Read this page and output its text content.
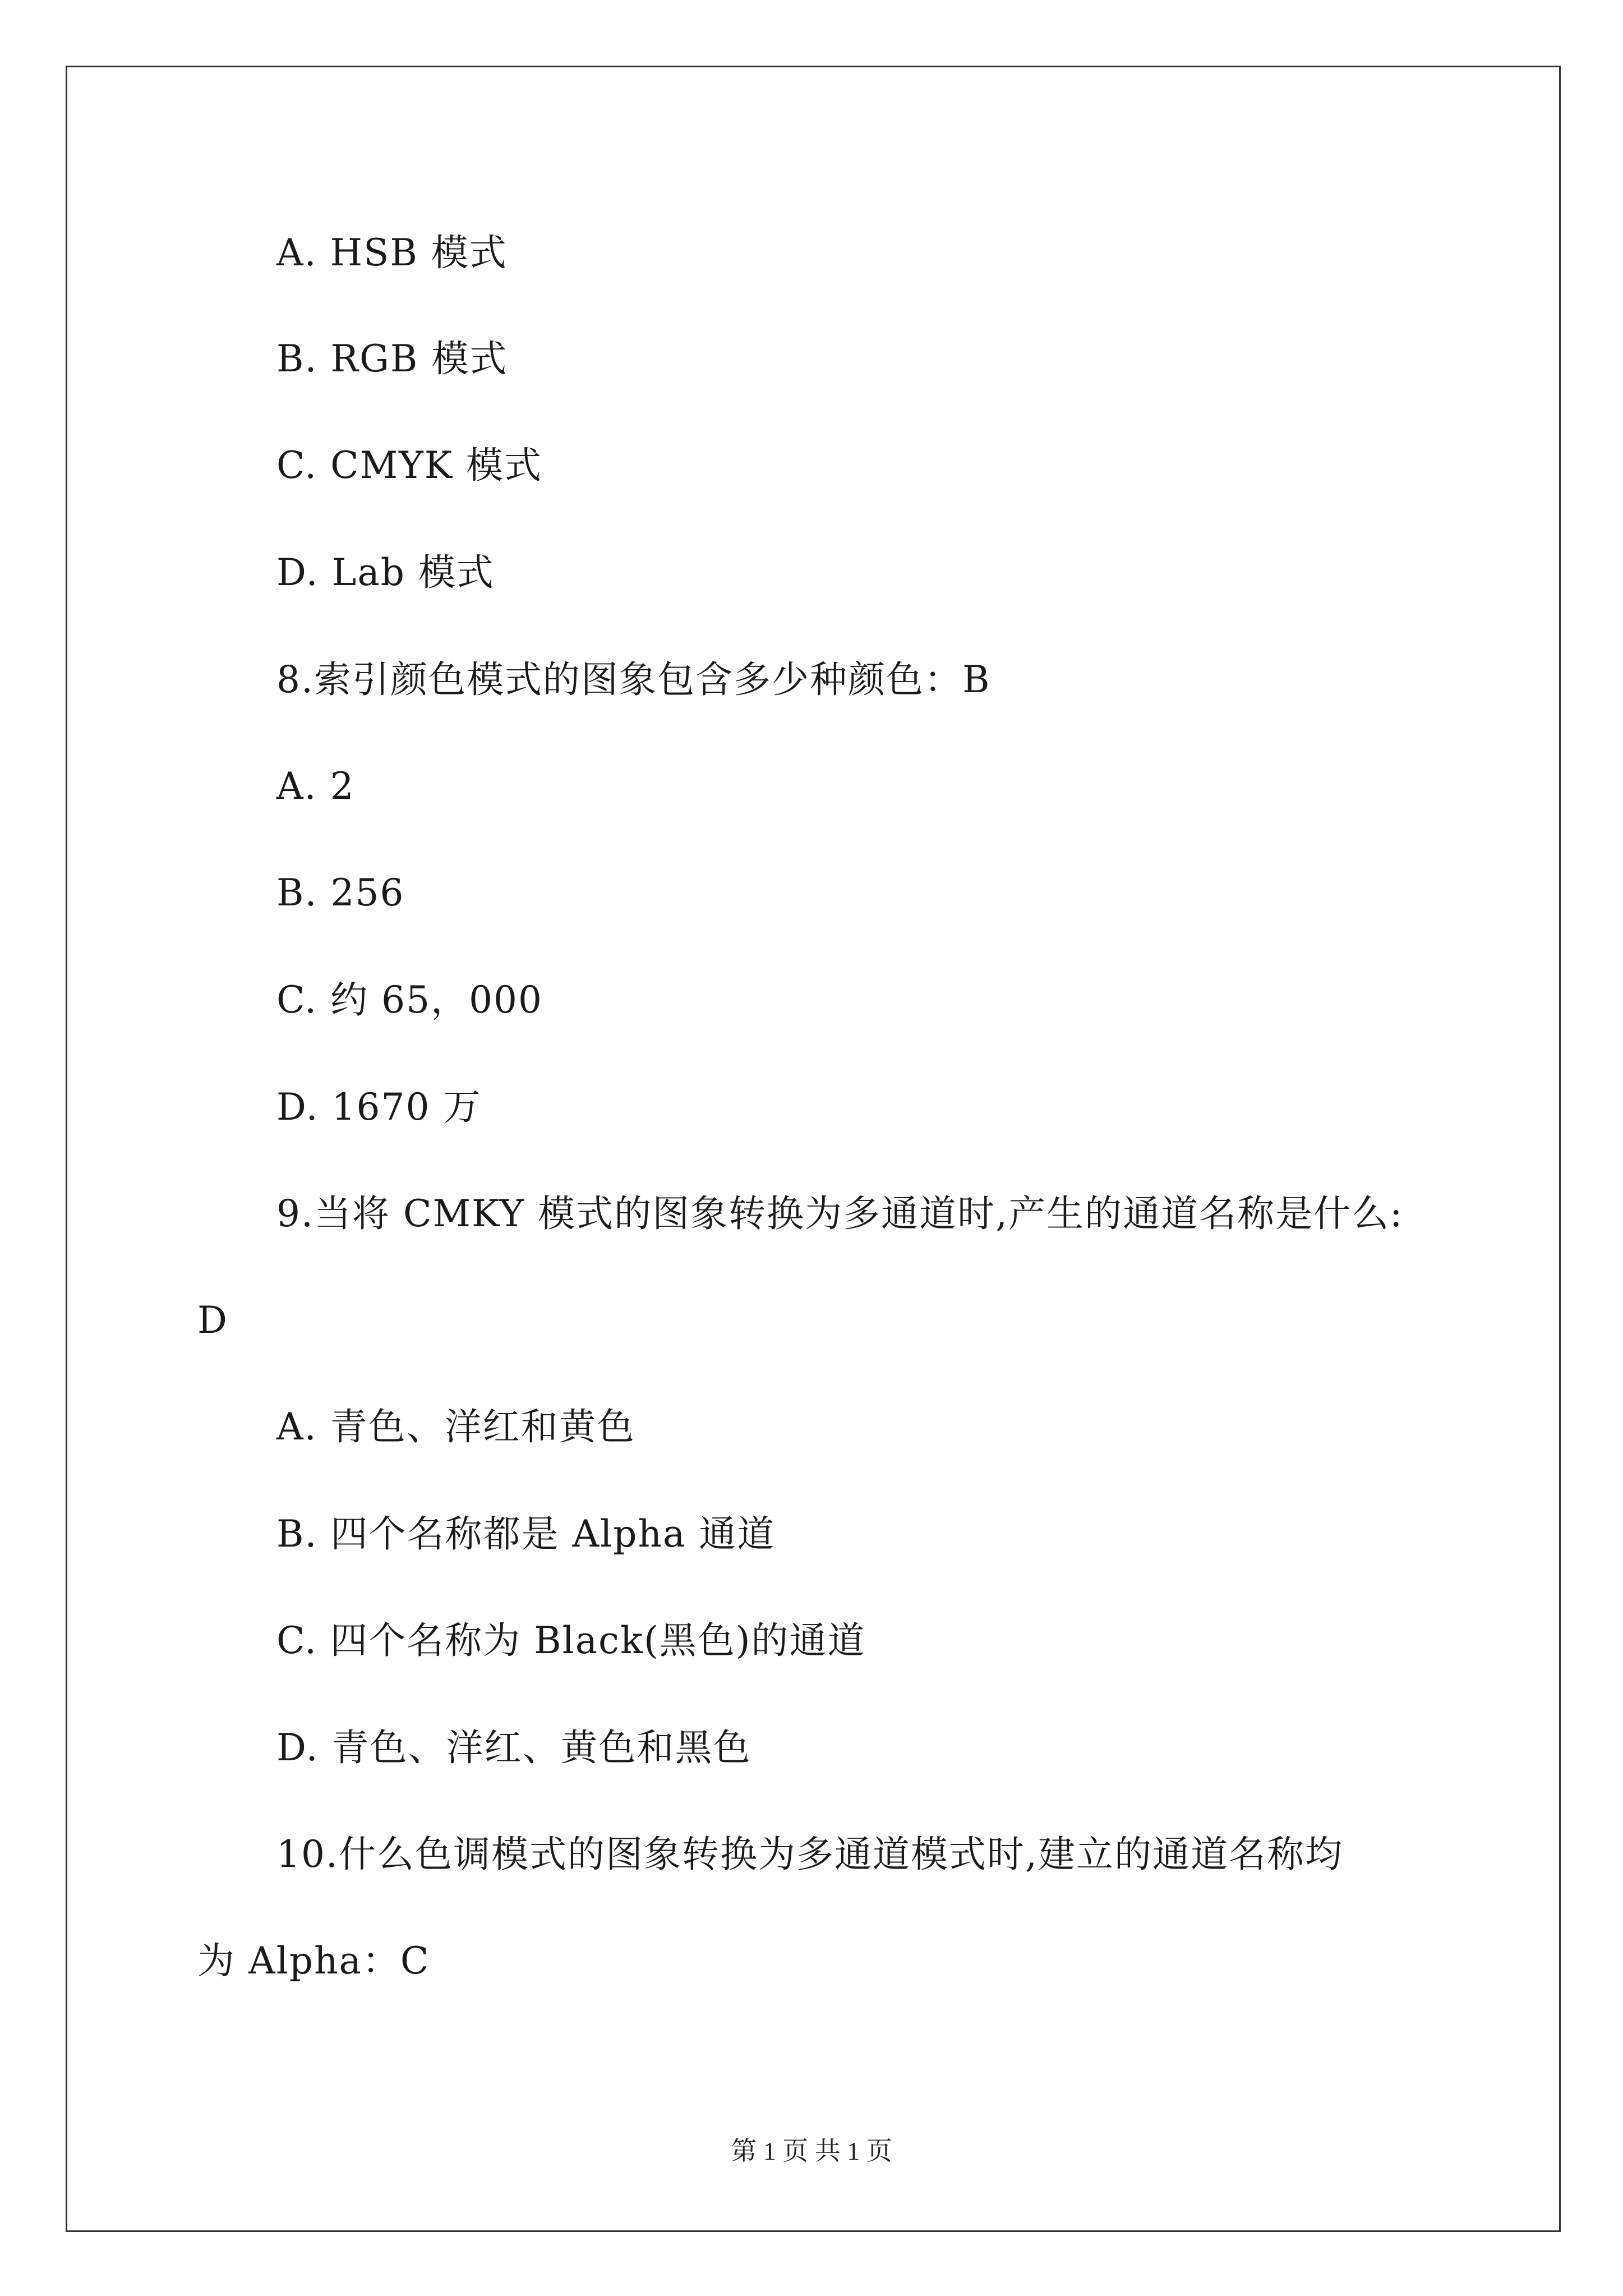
A. HSB 模式
B. RGB 模式
C. CMYK 模式
D. Lab 模式
8.索引颜色模式的图象包含多少种颜色：B
A. 2
B. 256
C. 约 65，000
D. 1670 万
9.当将 CMKY 模式的图象转换为多通道时,产生的通道名称是什么:
D
A. 青色、洋红和黄色
B. 四个名称都是 Alpha 通道
C. 四个名称为 Black(黑色)的通道
D. 青色、洋红、黄色和黑色
10.什么色调模式的图象转换为多通道模式时,建立的通道名称均
为 Alpha：C
第 1 页 共 1 页
